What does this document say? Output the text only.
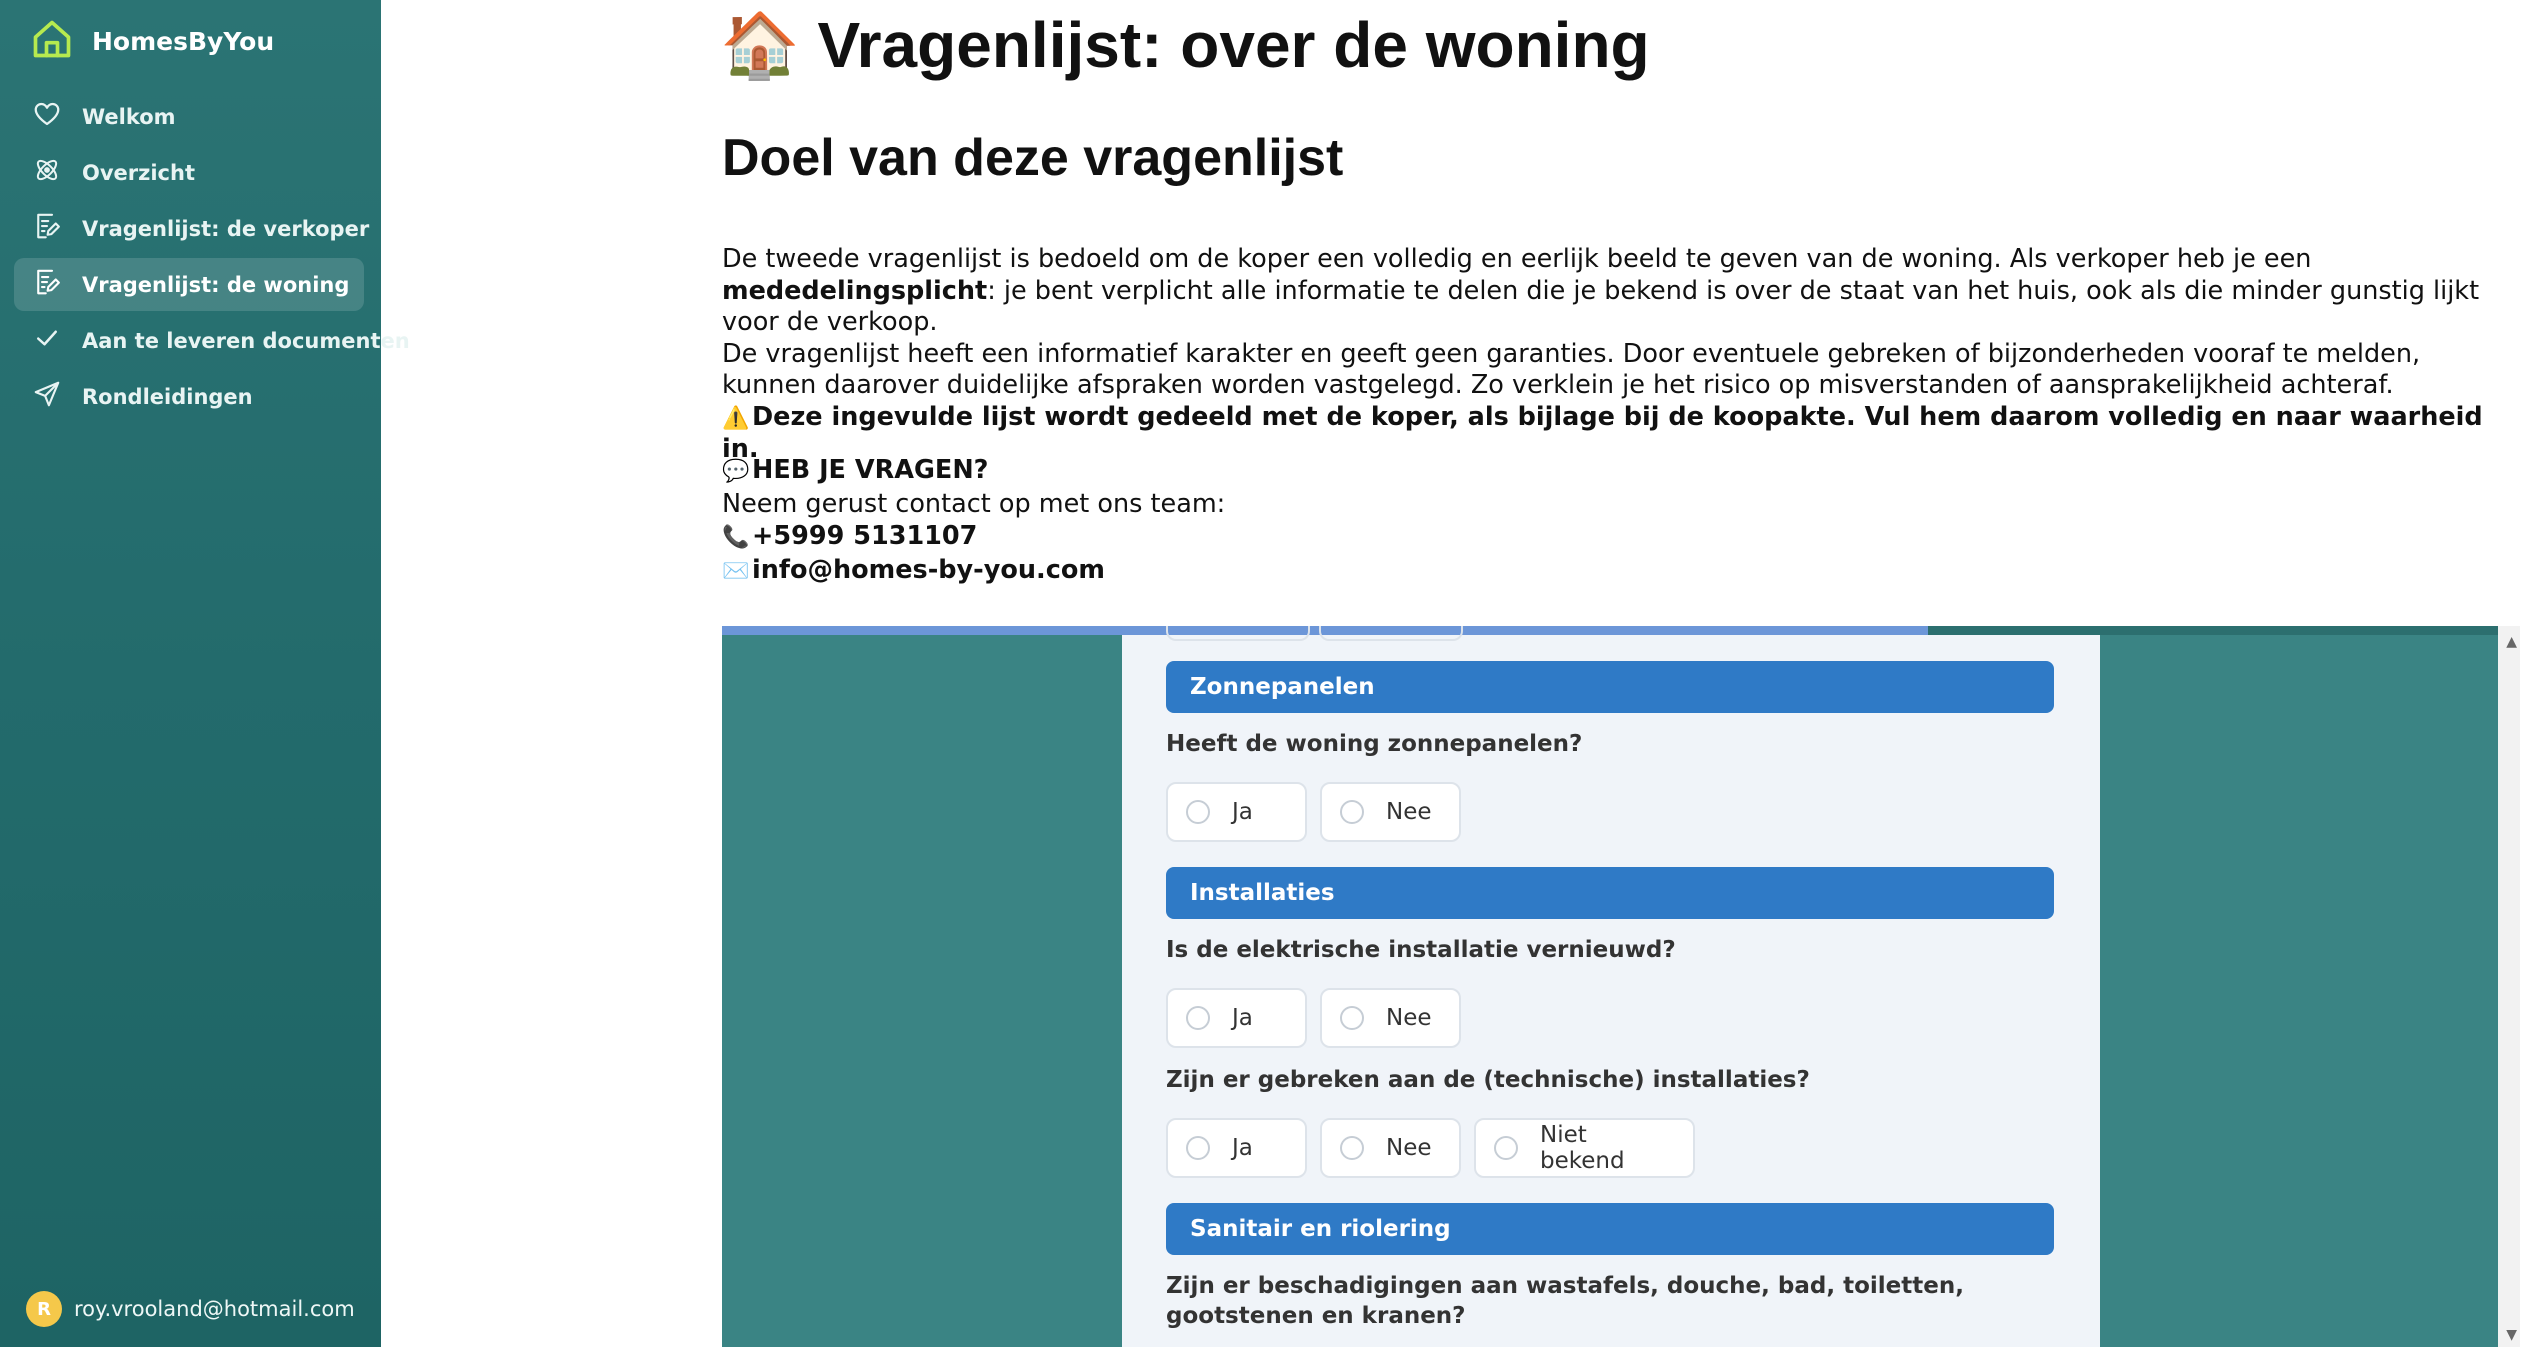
HomesByYou
Welkom
Overzicht
Vragenlijst: de verkoper
Vragenlijst: de woning
Aan te leveren documenten
Rondleidingen
R	roy.vrooland@hotmail.com
🏠 Vragenlijst: over de woning
Doel van deze vragenlijst

De tweede vragenlijst is bedoeld om de koper een volledig en eerlijk beeld te geven van de woning. Als verkoper heb je een mededelingsplicht: je bent verplicht alle informatie te delen die je bekend is over de staat van het huis, ook als die minder gunstig lijkt voor de verkoop.

De vragenlijst heeft een informatief karakter en geeft geen garanties. Door eventuele gebreken of bijzonderheden vooraf te melden, kunnen daarover duidelijke afspraken worden vastgelegd. Zo verklein je het risico op misverstanden of aansprakelijkheid achteraf.

⚠️ Deze ingevulde lijst wordt gedeeld met de koper, als bijlage bij de koopakte. Vul hem daarom volledig en naar waarheid in.

💬 HEB JE VRAGEN?
Neem gerust contact op met ons team:
📞 +5999 5131107
✉️ info@homes-by-you.com
Zonnepanelen
Heeft de woning zonnepanelen?
Ja	Nee
Installaties
Is de elektrische installatie vernieuwd?
Ja	Nee
Zijn er gebreken aan de (technische) installaties?
Ja	Nee	Niet bekend
Sanitair en riolering
Zijn er beschadigingen aan wastafels, douche, bad, toiletten, gootstenen en kranen?
▲
▼
